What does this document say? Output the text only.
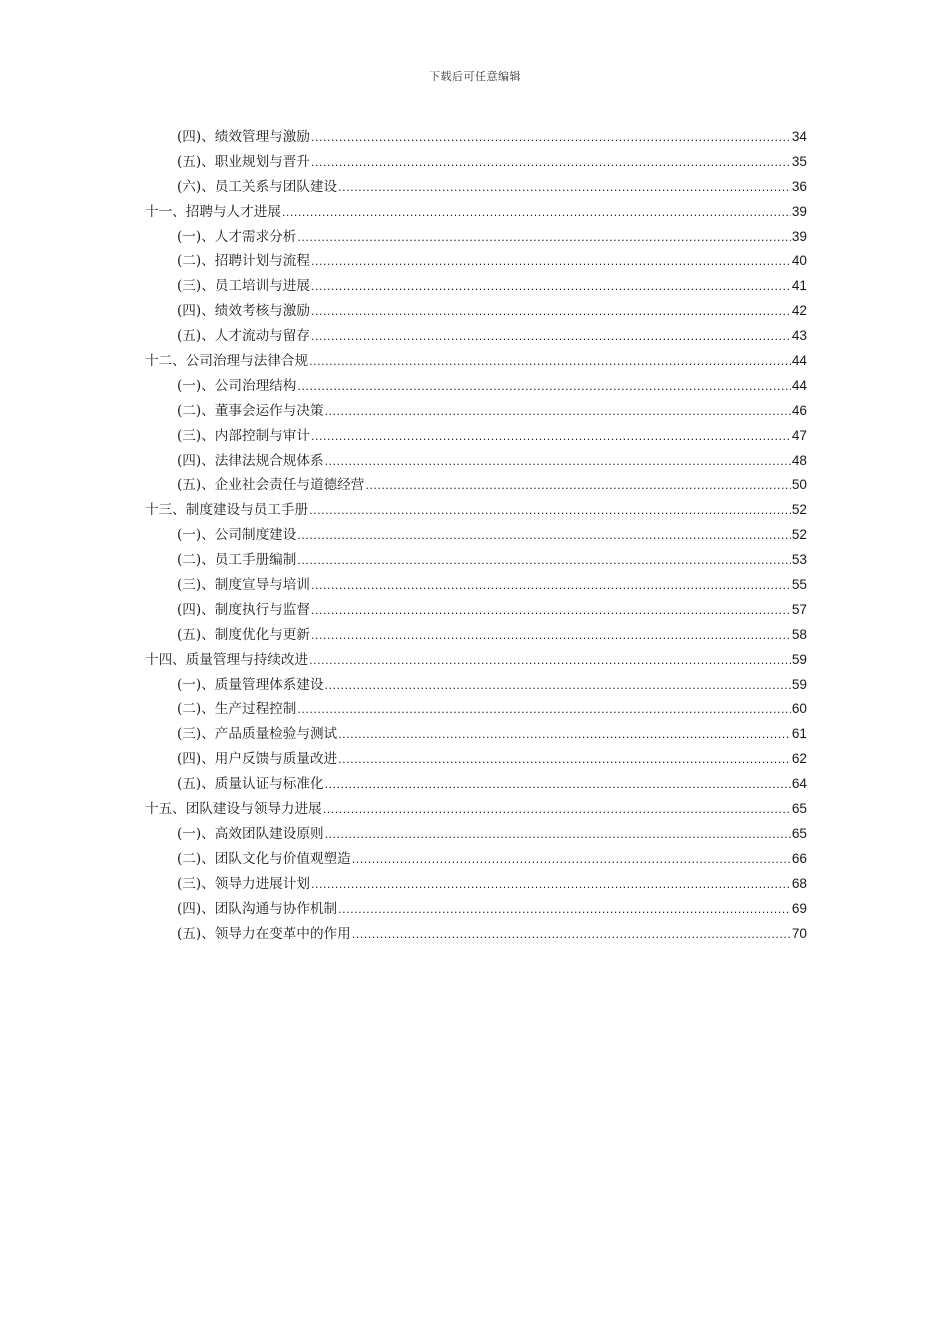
下载后可任意编辑
(四)、绩效管理与激励 .....	34
(五)、职业规划与晋升 .....	35
(六)、员工关系与团队建设 .....	36
十一、招聘与人才进展 .....	39
(一)、人才需求分析 .....	39
(二)、招聘计划与流程 .....	40
(三)、员工培训与进展 .....	41
(四)、绩效考核与激励 .....	42
(五)、人才流动与留存 .....	43
十二、公司治理与法律合规 .....	44
(一)、公司治理结构 .....	44
(二)、董事会运作与决策 .....	46
(三)、内部控制与审计 .....	47
(四)、法律法规合规体系 .....	48
(五)、企业社会责任与道德经营 .....	50
十三、制度建设与员工手册 .....	52
(一)、公司制度建设 .....	52
(二)、员工手册编制 .....	53
(三)、制度宣导与培训 .....	55
(四)、制度执行与监督 .....	57
(五)、制度优化与更新 .....	58
十四、质量管理与持续改进 .....	59
(一)、质量管理体系建设 .....	59
(二)、生产过程控制 .....	60
(三)、产品质量检验与测试 .....	61
(四)、用户反馈与质量改进 .....	62
(五)、质量认证与标准化 .....	64
十五、团队建设与领导力进展 .....	65
(一)、高效团队建设原则 .....	65
(二)、团队文化与价值观塑造 .....	66
(三)、领导力进展计划 .....	68
(四)、团队沟通与协作机制 .....	69
(五)、领导力在变革中的作用 .....	70
